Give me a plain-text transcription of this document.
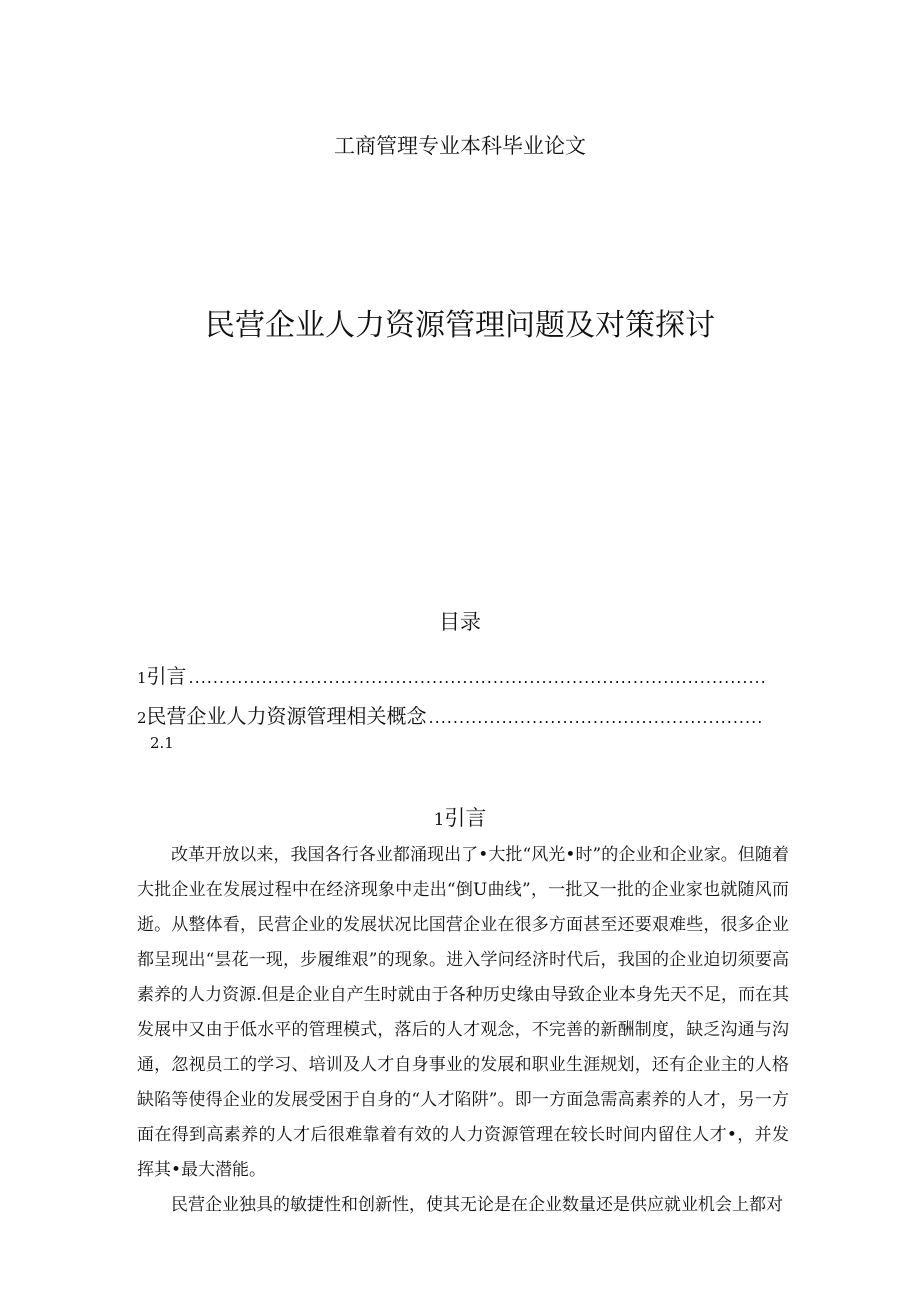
工商管理专业本科毕业论文
民营企业人力资源管理问题及对策探讨
目录
1 引言
.....
2 民营企业人力资源管理相关概念
.....
2.1
1引言

改革开放以来，我国各行各业都涌现出了•大批“风光•时”的企业和企业家。但随着大批企业在发展过程中在经济现象中走出“倒U曲线”，一批又一批的企业家也就随风而逝。从整体看，民营企业的发展状况比国营企业在很多方面甚至还要艰难些，很多企业都呈现出“昙花一现，步履维艰”的现象。进入学问经济时代后，我国的企业迫切须要高素养的人力资源.但是企业自产生时就由于各种历史缘由导致企业本身先天不足，而在其发展中又由于低水平的管理模式，落后的人才观念，不完善的新酬制度，缺乏沟通与沟通，忽视员工的学习、培训及人才自身事业的发展和职业生涯规划，还有企业主的人格缺陷等使得企业的发展受困于自身的“人才陷阱”。即一方面急需高素养的人才，另一方面在得到高素养的人才后很难靠着有效的人力资源管理在较长时间内留住人才•，并发挥其•最大潜能。

民营企业独具的敏捷性和创新性，使其无论是在企业数量还是供应就业机会上都对
